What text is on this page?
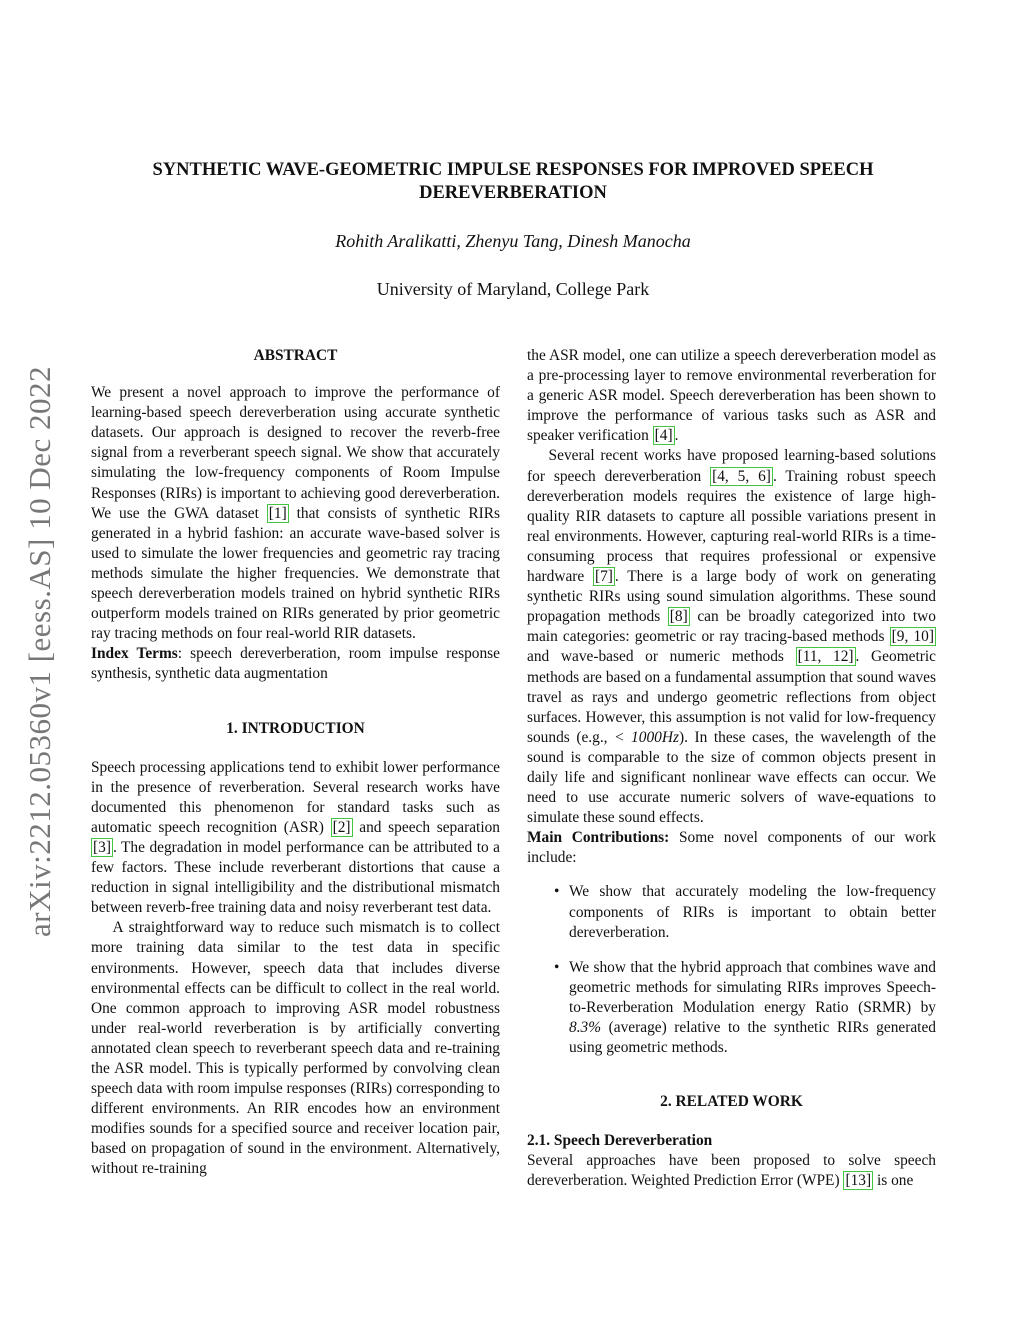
arXiv:2212.05360v1 [eess.AS] 10 Dec 2022
SYNTHETIC WAVE-GEOMETRIC IMPULSE RESPONSES FOR IMPROVED SPEECH
DEREVERBERATION
Rohith Aralikatti, Zhenyu Tang, Dinesh Manocha
University of Maryland, College Park

ABSTRACT

We present a novel approach to improve the performance of learning-based speech dereverberation using accurate synthetic datasets. Our approach is designed to recover the reverb-free signal from a reverberant speech signal. We show that accurately simulating the low-frequency components of Room Impulse Responses (RIRs) is important to achieving good dereverberation. We use the GWA dataset [1] that consists of synthetic RIRs generated in a hybrid fashion: an accurate wave-based solver is used to simulate the lower frequencies and geometric ray tracing methods simulate the higher frequencies. We demonstrate that speech dereverberation models trained on hybrid synthetic RIRs outperform models trained on RIRs generated by prior geometric ray tracing methods on four real-world RIR datasets.

Index Terms: speech dereverberation, room impulse response synthesis, synthetic data augmentation

1. INTRODUCTION

Speech processing applications tend to exhibit lower performance in the presence of reverberation. Several research works have documented this phenomenon for standard tasks such as automatic speech recognition (ASR) [2] and speech separation [3] . The degradation in model performance can be attributed to a few factors. These include reverberant distortions that cause a reduction in signal intelligibility and the distributional mismatch between reverb-free training data and noisy reverberant test data.

A straightforward way to reduce such mismatch is to collect more training data similar to the test data in specific environments. However, speech data that includes diverse environmental effects can be difficult to collect in the real world. One common approach to improving ASR model robustness under real-world reverberation is by artificially converting annotated clean speech to reverberant speech data and re-training the ASR model. This is typically performed by convolving clean speech data with room impulse responses (RIRs) corresponding to different environments. An RIR encodes how an environment modifies sounds for a specified source and receiver location pair, based on propagation of sound in the environment. Alternatively, without re-training

the ASR model, one can utilize a speech dereverberation model as a pre-processing layer to remove environmental reverberation for a generic ASR model. Speech dereverberation has been shown to improve the performance of various tasks such as ASR and speaker verification [4] .

Several recent works have proposed learning-based solutions for speech dereverberation [4, 5, 6] . Training robust speech dereverberation models requires the existence of large high-quality RIR datasets to capture all possible variations present in real environments. However, capturing real-world RIRs is a time-consuming process that requires professional or expensive hardware [7] . There is a large body of work on generating synthetic RIRs using sound simulation algorithms. These sound propagation methods [8] can be broadly categorized into two main categories: geometric or ray tracing-based methods [9, 10] and wave-based or numeric methods [11, 12] . Geometric methods are based on a fundamental assumption that sound waves travel as rays and undergo geometric reflections from object surfaces. However, this assumption is not valid for low-frequency sounds (e.g., < 1000Hz). In these cases, the wavelength of the sound is comparable to the size of common objects present in daily life and significant nonlinear wave effects can occur. We need to use accurate numeric solvers of wave-equations to simulate these sound effects.

Main Contributions: Some novel components of our work include:

• We show that accurately modeling the low-frequency components of RIRs is important to obtain better dereverberation.
• We show that the hybrid approach that combines wave and geometric methods for simulating RIRs improves Speech-to-Reverberation Modulation energy Ratio (SRMR) by 8.3% (average) relative to the synthetic RIRs generated using geometric methods.

2. RELATED WORK

2.1. Speech Dereverberation

Several approaches have been proposed to solve speech dereverberation. Weighted Prediction Error (WPE) [13] is one
